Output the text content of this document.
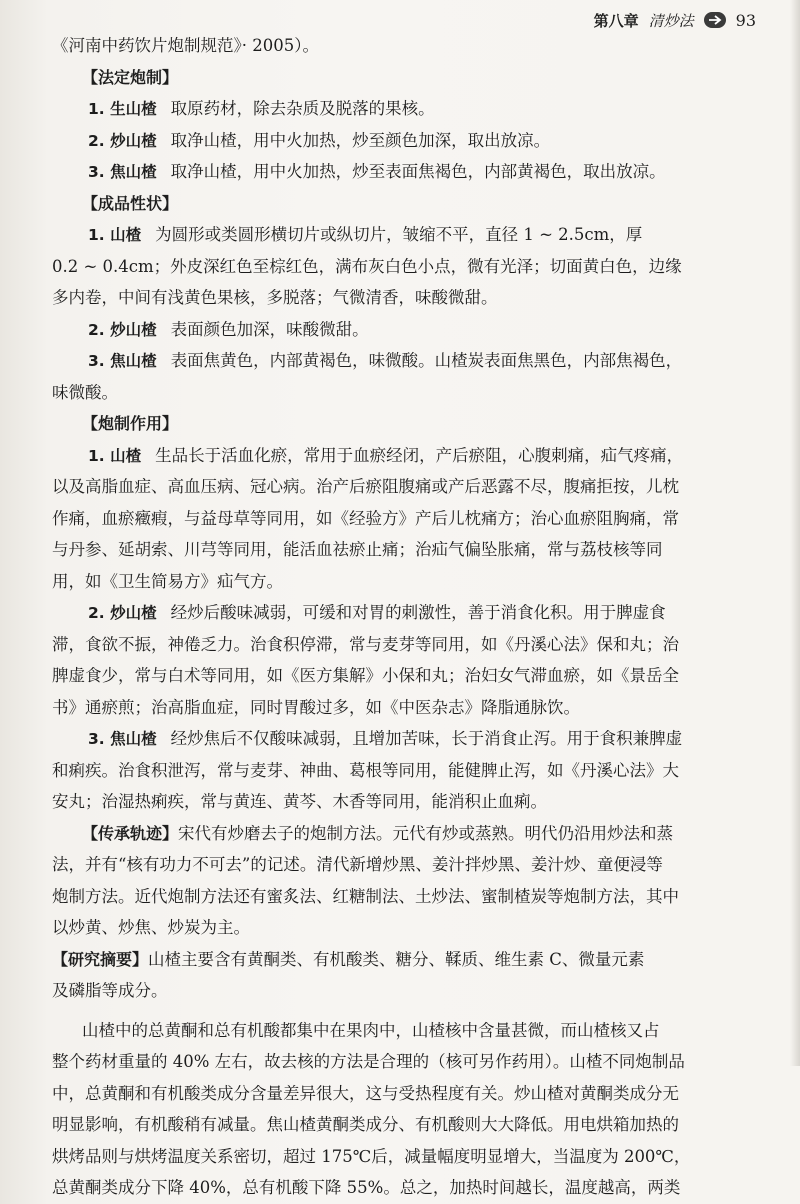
第八章 清炒法	93
《河南中药饮片炮制规范》· 2005）。
【法定炮制】
1. 生山楂 取原药材，除去杂质及脱落的果核。
2. 炒山楂 取净山楂，用中火加热，炒至颜色加深，取出放凉。
3. 焦山楂 取净山楂，用中火加热，炒至表面焦褐色，内部黄褐色，取出放凉。
【成品性状】
1. 山楂 为圆形或类圆形横切片或纵切片，皱缩不平，直径 1 ~ 2.5cm，厚
0.2 ~ 0.4cm；外皮深红色至棕红色，满布灰白色小点，微有光泽；切面黄白色，边缘
多内卷，中间有浅黄色果核，多脱落；气微清香，味酸微甜。
2. 炒山楂 表面颜色加深，味酸微甜。
3. 焦山楂 表面焦黄色，内部黄褐色，味微酸。山楂炭表面焦黑色，内部焦褐色，
味微酸。
【炮制作用】
1. 山楂 生品长于活血化瘀，常用于血瘀经闭，产后瘀阻，心腹刺痛，疝气疼痛，
以及高脂血症、高血压病、冠心病。治产后瘀阻腹痛或产后恶露不尽，腹痛拒按，儿枕
作痛，血瘀癥瘕，与益母草等同用，如《经验方》产后儿枕痛方；治心血瘀阻胸痛，常
与丹参、延胡索、川芎等同用，能活血祛瘀止痛；治疝气偏坠胀痛，常与荔枝核等同
用，如《卫生简易方》疝气方。
2. 炒山楂 经炒后酸味减弱，可缓和对胃的刺激性，善于消食化积。用于脾虚食
滞，食欲不振，神倦乏力。治食积停滞，常与麦芽等同用，如《丹溪心法》保和丸；治
脾虚食少，常与白术等同用，如《医方集解》小保和丸；治妇女气滞血瘀，如《景岳全
书》通瘀煎；治高脂血症，同时胃酸过多，如《中医杂志》降脂通脉饮。
3. 焦山楂 经炒焦后不仅酸味减弱，且增加苦味，长于消食止泻。用于食积兼脾虚
和痢疾。治食积泄泻，常与麦芽、神曲、葛根等同用，能健脾止泻，如《丹溪心法》大
安丸；治湿热痢疾，常与黄连、黄芩、木香等同用，能消积止血痢。
【传承轨迹】宋代有炒磨去子的炮制方法。元代有炒或蒸熟。明代仍沿用炒法和蒸
法，并有“核有功力不可去”的记述。清代新增炒黑、姜汁拌炒黑、姜汁炒、童便浸等
炮制方法。近代炮制方法还有蜜炙法、红糖制法、土炒法、蜜制楂炭等炮制方法，其中
以炒黄、炒焦、炒炭为主。
【研究摘要】山楂主要含有黄酮类、有机酸类、糖分、鞣质、维生素 C、微量元素
及磷脂等成分。
山楂中的总黄酮和总有机酸都集中在果肉中，山楂核中含量甚微，而山楂核又占
整个药材重量的 40% 左右，故去核的方法是合理的（核可另作药用）。山楂不同炮制品
中，总黄酮和有机酸类成分含量差异很大，这与受热程度有关。炒山楂对黄酮类成分无
明显影响，有机酸稍有减量。焦山楂黄酮类成分、有机酸则大大降低。用电烘箱加热的
烘烤品则与烘烤温度关系密切，超过 175℃后，减量幅度明显增大，当温度为 200℃，
总黄酮类成分下降 40%，总有机酸下降 55%。总之，加热时间越长，温度越高，两类
